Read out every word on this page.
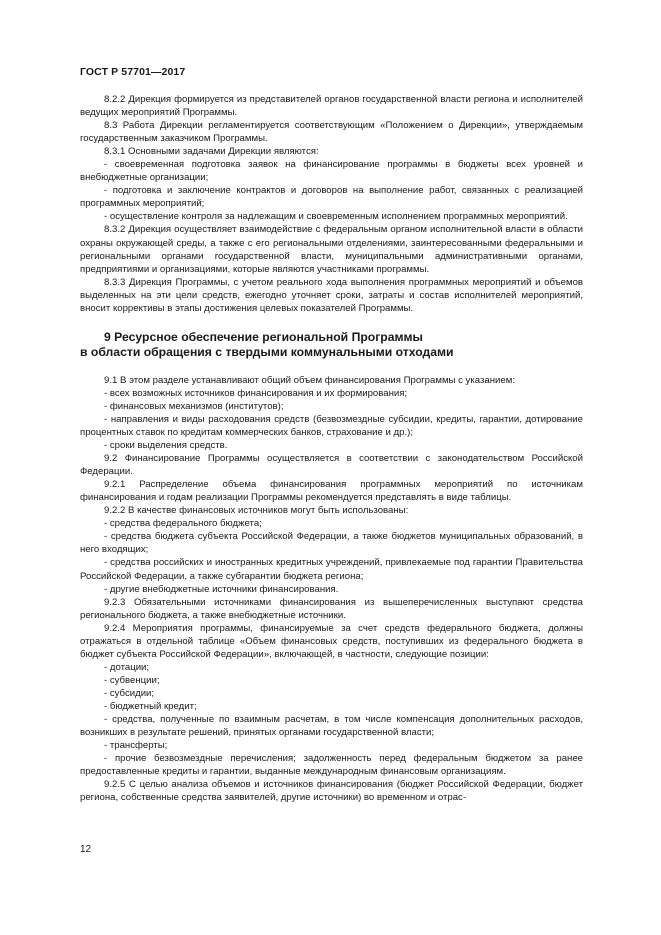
ГОСТ Р 57701—2017

8.2.2 Дирекция формируется из представителей органов государственной власти региона и исполнителей ведущих мероприятий Программы.

8.3 Работа Дирекции регламентируется соответствующим «Положением о Дирекции», утверждаемым государственным заказчиком Программы.

8.3.1 Основными задачами Дирекции являются:

- своевременная подготовка заявок на финансирование программы в бюджеты всех уровней и внебюджетные организации;

- подготовка и заключение контрактов и договоров на выполнение работ, связанных с реализацией программных мероприятий;

- осуществление контроля за надлежащим и своевременным исполнением программных мероприятий.

8.3.2 Дирекция осуществляет взаимодействие с федеральным органом исполнительной власти в области охраны окружающей среды, а также с его региональными отделениями, заинтересованными федеральными и региональными органами государственной власти, муниципальными административными органами, предприятиями и организациями, которые являются участниками программы.

8.3.3 Дирекция Программы, с учетом реального хода выполнения программных мероприятий и объемов выделенных на эти цели средств, ежегодно уточняет сроки, затраты и состав исполнителей мероприятий, вносит коррективы в этапы достижения целевых показателей Программы.

9 Ресурсное обеспечение региональной Программы
в области обращения с твердыми коммунальными отходами

9.1 В этом разделе устанавливают общий объем финансирования Программы с указанием:

- всех возможных источников финансирования и их формирования;

- финансовых механизмов (институтов);

- направления и виды расходования средств (безвозмездные субсидии, кредиты, гарантии, дотирование процентных ставок по кредитам коммерческих банков, страхование и др.);

- сроки выделения средств.

9.2 Финансирование Программы осуществляется в соответствии с законодательством Российской Федерации.

9.2.1 Распределение объема финансирования программных мероприятий по источникам финансирования и годам реализации Программы рекомендуется представлять в виде таблицы.

9.2.2 В качестве финансовых источников могут быть использованы:

- средства федерального бюджета;

- средства бюджета субъекта Российской Федерации, а также бюджетов муниципальных образований, в него входящих;

- средства российских и иностранных кредитных учреждений, привлекаемые под гарантии Правительства Российской Федерации, а также субгарантии бюджета региона;

- другие внебюджетные источники финансирования.

9.2.3 Обязательными источниками финансирования из вышеперечисленных выступают средства регионального бюджета, а также внебюджетные источники.

9.2.4 Мероприятия программы, финансируемые за счет средств федерального бюджета, должны отражаться в отдельной таблице «Объем финансовых средств, поступивших из федерального бюджета в бюджет субъекта Российской Федерации», включающей, в частности, следующие позиции:

- дотации;

- субвенции;

- субсидии;

- бюджетный кредит;

- средства, полученные по взаимным расчетам, в том числе компенсация дополнительных расходов, возникших в результате решений, принятых органами государственной власти;

- трансферты;

- прочие безвозмездные перечисления; задолженность перед федеральным бюджетом за ранее предоставленные кредиты и гарантии, выданные международным финансовым организациям.

9.2.5 С целью анализа объемов и источников финансирования (бюджет Российской Федерации, бюджет региона, собственные средства заявителей, другие источники) во временном и отрас-

12
